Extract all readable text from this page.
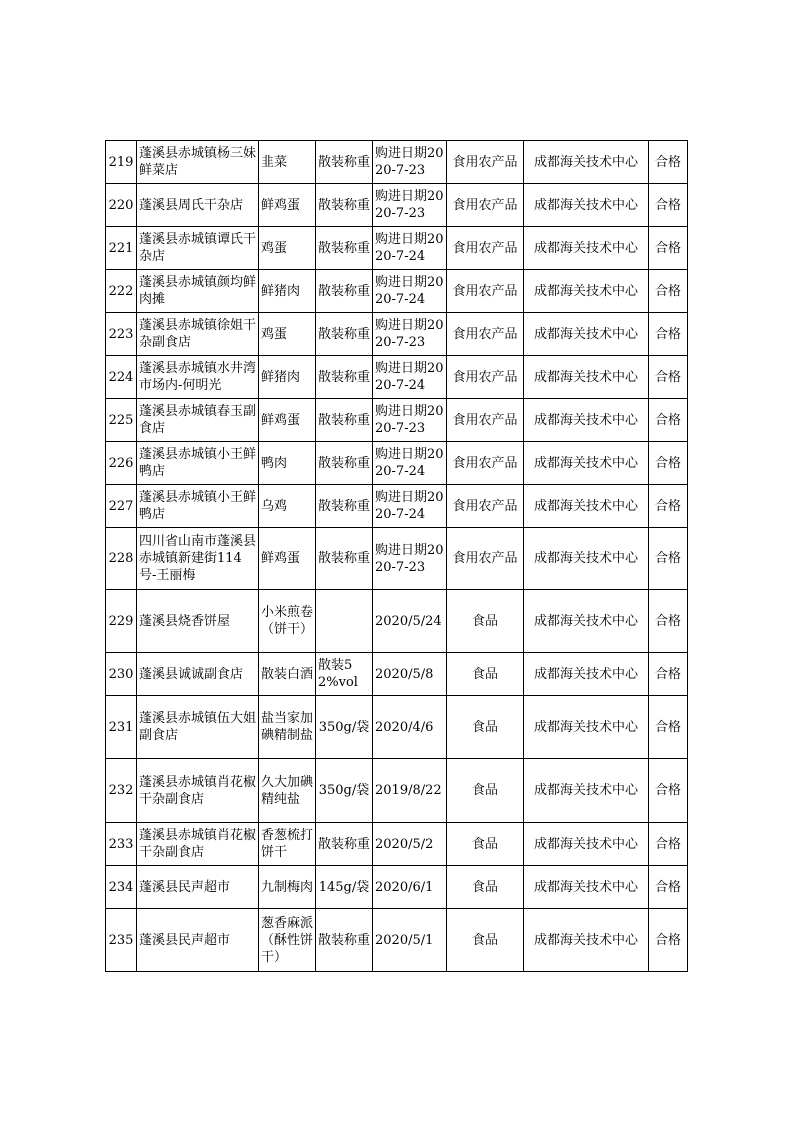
219	蓬溪县赤城镇杨三妹鲜菜店	韭菜	散装称重	购进日期2020-7-23	食用农产品	成都海关技术中心	合格
220	蓬溪县周氏干杂店	鲜鸡蛋	散装称重	购进日期2020-7-23	食用农产品	成都海关技术中心	合格
221	蓬溪县赤城镇谭氏干杂店	鸡蛋	散装称重	购进日期2020-7-24	食用农产品	成都海关技术中心	合格
222	蓬溪县赤城镇颜均鲜肉摊	鲜猪肉	散装称重	购进日期2020-7-24	食用农产品	成都海关技术中心	合格
223	蓬溪县赤城镇徐姐干杂副食店	鸡蛋	散装称重	购进日期2020-7-23	食用农产品	成都海关技术中心	合格
224	蓬溪县赤城镇水井湾市场内-何明光	鲜猪肉	散装称重	购进日期2020-7-24	食用农产品	成都海关技术中心	合格
225	蓬溪县赤城镇春玉副食店	鲜鸡蛋	散装称重	购进日期2020-7-23	食用农产品	成都海关技术中心	合格
226	蓬溪县赤城镇小王鲜鸭店	鸭肉	散装称重	购进日期2020-7-24	食用农产品	成都海关技术中心	合格
227	蓬溪县赤城镇小王鲜鸭店	乌鸡	散装称重	购进日期2020-7-24	食用农产品	成都海关技术中心	合格
228	四川省山南市蓬溪县赤城镇新建街114号-王丽梅	鲜鸡蛋	散装称重	购进日期2020-7-23	食用农产品	成都海关技术中心	合格
229	蓬溪县烧香饼屋	小米煎卷（饼干）		2020/5/24	食品	成都海关技术中心	合格
230	蓬溪县诚诚副食店	散装白酒	散装52%vol	2020/5/8	食品	成都海关技术中心	合格
231	蓬溪县赤城镇伍大姐副食店	盐当家加碘精制盐	350g/袋	2020/4/6	食品	成都海关技术中心	合格
232	蓬溪县赤城镇肖花椒干杂副食店	久大加碘精纯盐	350g/袋	2019/8/22	食品	成都海关技术中心	合格
233	蓬溪县赤城镇肖花椒干杂副食店	香葱梳打饼干	散装称重	2020/5/2	食品	成都海关技术中心	合格
234	蓬溪县民声超市	九制梅肉	145g/袋	2020/6/1	食品	成都海关技术中心	合格
235	蓬溪县民声超市	葱香麻派（酥性饼干）	散装称重	2020/5/1	食品	成都海关技术中心	合格
